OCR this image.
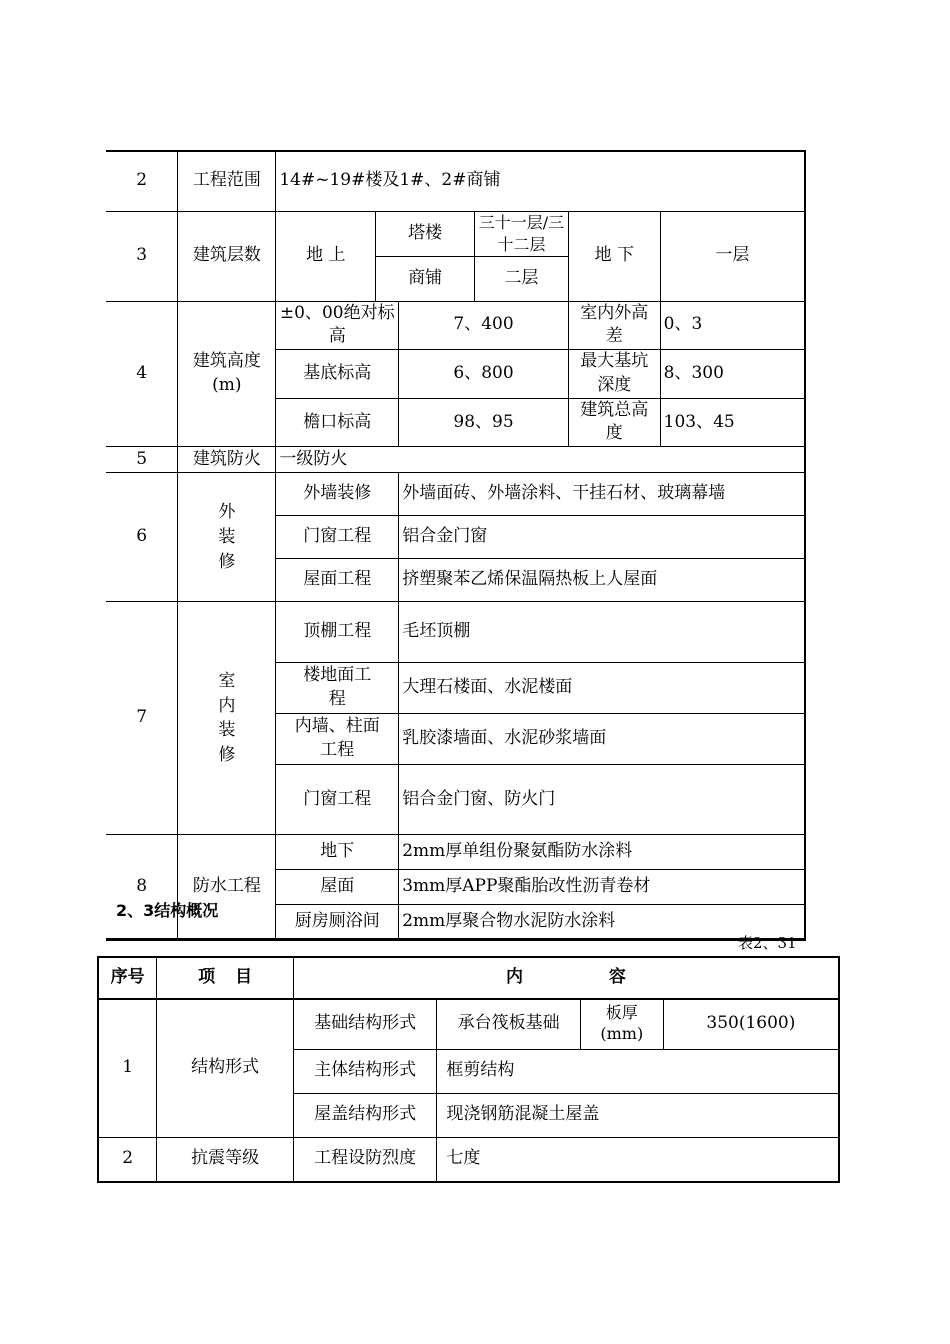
2	工程范围	14#~19#楼及1#、2#商铺					
3	建筑层数	地 上	塔楼		三十一层/三十二层	地 下	一层
			商铺		二层		
4	建筑高度(m)	±0、00绝对标高		7、400		室内外高差	0、3
		基底标高		6、800		最大基坑深度	8、300
		檐口标高		98、95		建筑总高度	103、45
5	建筑防火	一级防火					
6	外装修	外墙装修		外墙面砖、外墙涂料、干挂石材、玻璃幕墙			
		门窗工程		铝合金门窗			
		屋面工程		挤塑聚苯乙烯保温隔热板上人屋面			
7	室内装修	顶棚工程		毛坯顶棚			
		楼地面工程		大理石楼面、水泥楼面			
		内墙、柱面工程		乳胶漆墙面、水泥砂浆墙面			
		门窗工程		铝合金门窗、防火门			
8	防水工程	地下		2mm厚单组份聚氨酯防水涂料			
		屋面		3mm厚APP聚酯胎改性沥青卷材			
		厨房厕浴间		2mm厚聚合物水泥防水涂料			
2、3结构概况
表2、31
序号	项 目	内 容			
1	结构形式	基础结构形式	承台筏板基础	板厚(mm)	350(1600)
		主体结构形式	框剪结构		
		屋盖结构形式	现浇钢筋混凝土屋盖		
2	抗震等级	工程设防烈度	七度		
